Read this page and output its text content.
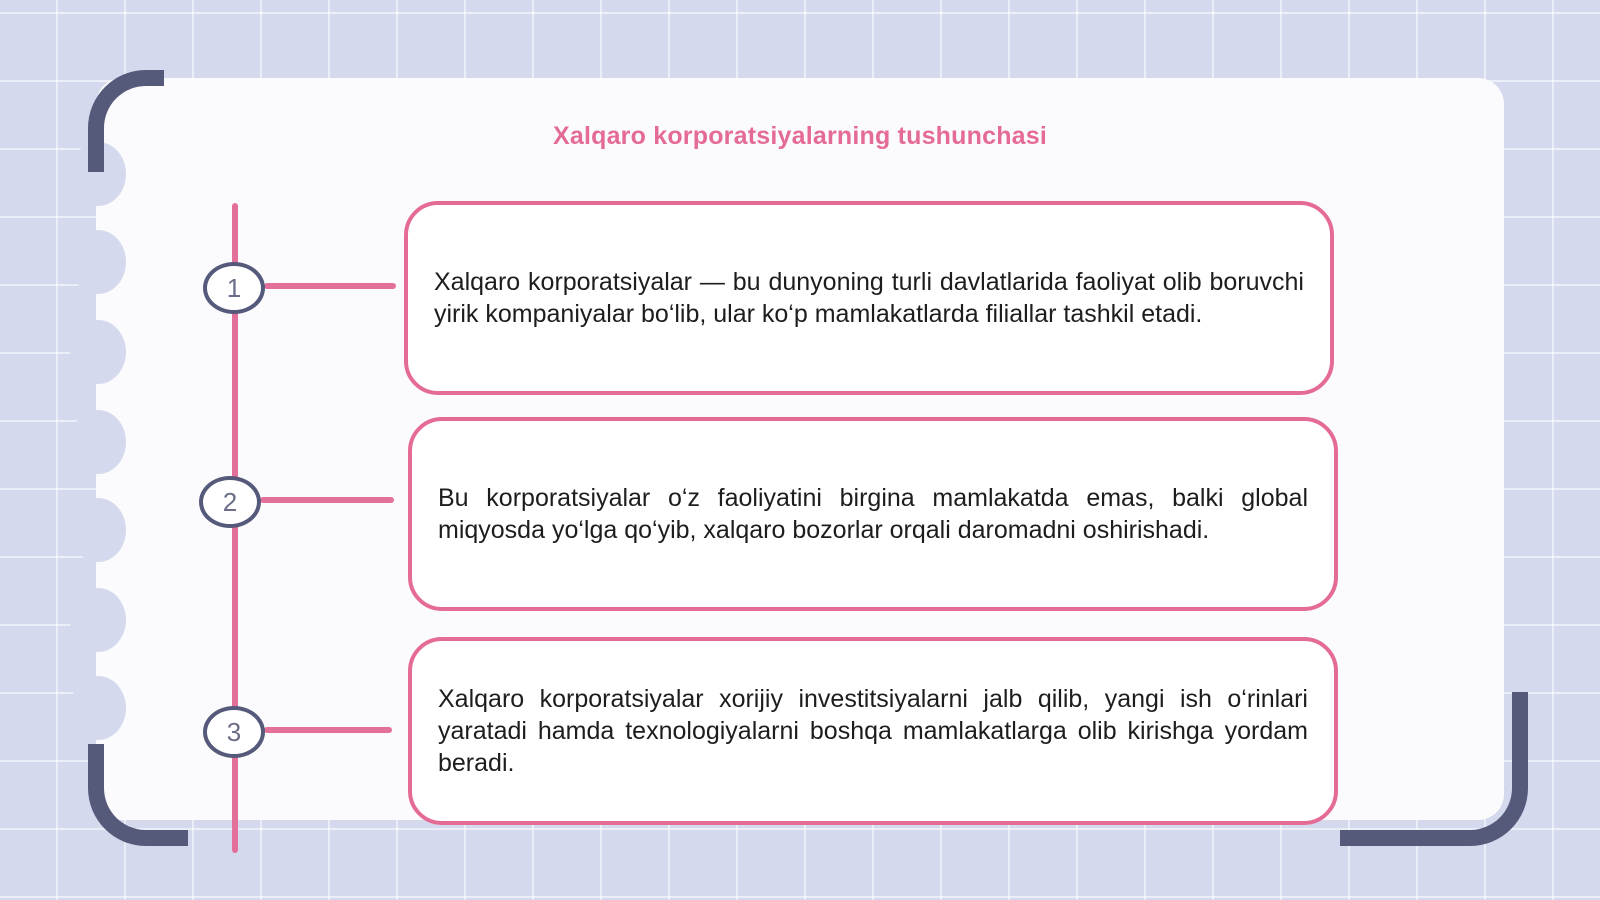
Xalqaro korporatsiyalarning tushunchasi
1	Xalqaro korporatsiyalar — bu dunyoning turli davlatlarida faoliyat olib boruvchi yirik kompaniyalar bo‘lib, ular ko‘p mamlakatlarda filiallar tashkil etadi.

2	Bu korporatsiyalar o‘z faoliyatini birgina mamlakatda emas, balki global miqyosda yo‘lga qo‘yib, xalqaro bozorlar orqali daromadni oshirishadi.

3

Xalqaro korporatsiyalar xorijiy investitsiyalarni jalb qilib, yangi ish o‘rinlari yaratadi hamda texnologiyalarni boshqa mamlakatlarga olib kirishga yordam beradi.
